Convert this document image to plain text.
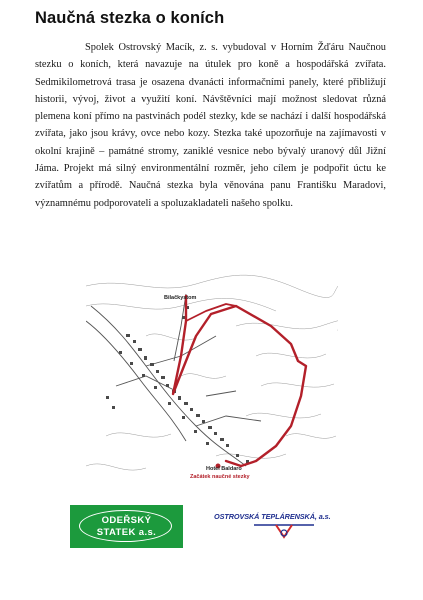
Naučná stezka o koních

Spolek Ostrovský Macík, z. s. vybudoval v Horním Žďáru Naučnou stezku o koních, která navazuje na útulek pro koně a hospodářská zvířata. Sedmikilometrová trasa je osazena dvanácti informačními panely, které přibližují historii, vývoj, život a využití koní. Návštěvníci mají možnost sledovat různá plemena koní přímo na pastvinách podél stezky, kde se nachází i další hospodářská zvířata, jako jsou krávy, ovce nebo kozy. Stezka také upozorňuje na zajímavosti v okolní krajině – památné stromy, zaniklé vesnice nebo bývalý uranový důl Jižní Jáma. Projekt má silný environmentální rozměr, jeho cílem je podpořit úctu ke zvířatům a přírodě. Naučná stezka byla věnována panu Františku Maradovi, významnému podporovateli a spoluzakladateli našeho spolku.

Bilačkystom
Hotel Baldaro
Začátek naučné stezky
ODEŘSKÝ
STATEK a.s.
OSTROVSKÁ TEPLÁRENSKÁ, a.s.
